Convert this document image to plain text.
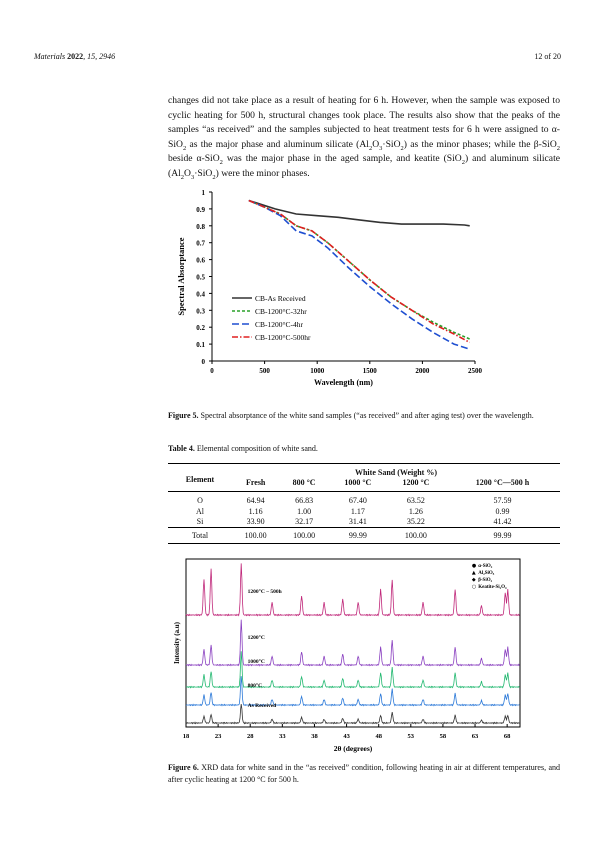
Materials 2022, 15, 2946	12 of 20
changes did not take place as a result of heating for 6 h. However, when the sample was exposed to cyclic heating for 500 h, structural changes took place. The results also show that the peaks of the samples “as received” and the samples subjected to heat treatment tests for 6 h were assigned to α-SiO$_2$ as the major phase and aluminum silicate $(Al_2O_3\cdot SiO_2)$ as the minor phases; while the β-SiO$_2$ beside α-SiO$_2$ was the major phase in the aged sample, and keatite (SiO$_2$) and aluminum silicate $(Al_2O_3\cdot SiO_2)$ were the minor phases.
0
0.1
0.2
0.3
0.4
0.5
0.6
0.7
0.8
0.9
1
0	500	1000	1500	2000	2500
Wavelength (nm)
Spectral Absorptance	CB-As Received
CB-1200°C-32hr
CB-1200°C-4hr
CB-1200°C-500hr
Figure 5. Spectral absorptance of the white sand samples (“as received” and after aging test) over the wavelength.
Table 4. Elemental composition of white sand.
Element	White Sand (Weight %)				
	Fresh	800 °C	1000 °C	1200 °C	1200 °C—500 h
O	64.94	66.83	67.40	63.52	57.59
Al	1.16	1.00	1.17	1.26	0.99
Si	33.90	32.17	31.41	35.22	41.42
Total	100.00	100.00	99.99	100.00	99.99
18	23	28	33	38	43	48	53	58	63	68
2θ (degrees)
Intensity (a.u)
1200°C – 500h
1200°C
1000°C
800°C
As Received
● α-SiO₂
▲ Al₂SiO₅
◆ β-SiO₂
○ Keatite-Si₂O₄
Figure 6. XRD data for white sand in the “as received” condition, following heating in air at different temperatures, and after cyclic heating at 1200 °C for 500 h.
